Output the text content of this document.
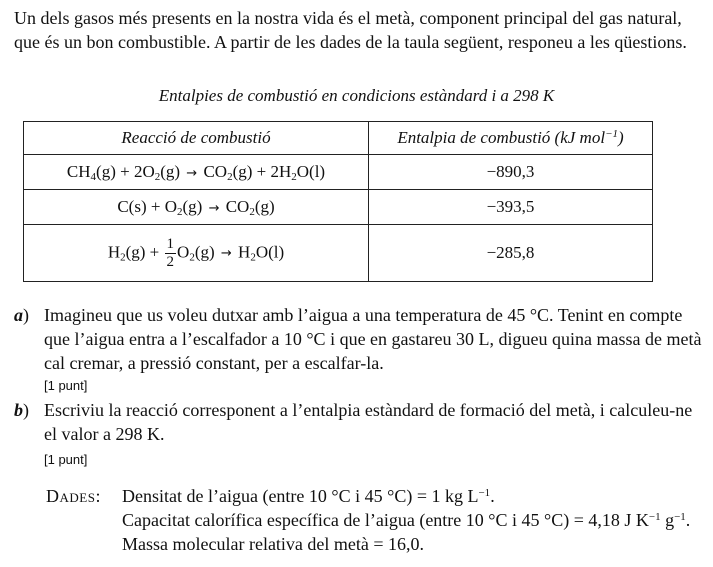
Un dels gasos més presents en la nostra vida és el metà, component principal del gas natural, que és un bon combustible. A partir de les dades de la taula següent, responeu a les qüestions.

Entalpies de combustió en condicions estàndard i a 298 K

Reacció de combustió	Entalpia de combustió (kJ mol$^{-1}$)
$CH_4(g) + 2O_2(g) \to CO_2(g) + 2H_2O(l)$	−890,3
$C(s) + O_2(g) \to CO_2(g)$	−393,5
$H_2(g) + \frac{1}{2} O_2(g) \to H_2O(l)$	−285,8
a) Imagineu que us voleu dutxar amb l’aigua a una temperatura de 45 °C. Tenint en compte que l’aigua entra a l’escalfador a 10 °C i que en gastareu 30 L, digueu quina massa de metà cal cremar, a pressió constant, per a escalfar-la.
[1 punt]
b) Escriviu la reacció corresponent a l’entalpia estàndard de formació del metà, i calculeu-ne el valor a 298 K.
[1 punt]
Dades: Densitat de l’aigua (entre 10 °C i 45 °C) = 1 kg $L^{-1}$.
Capacitat calorífica específica de l’aigua (entre 10 °C i 45 °C) = 4,18 J $K^{-1}$ $g^{-1}$.
Massa molecular relativa del metà = 16,0.
